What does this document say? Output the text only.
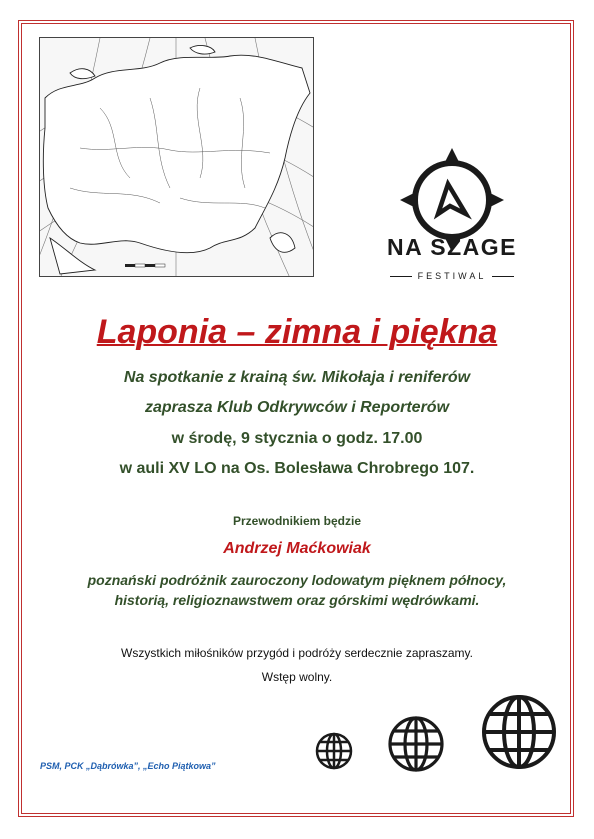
NA SZAGE
FESTIWAL
Laponia – zimna i piękna
Na spotkanie z krainą św. Mikołaja i reniferów
zaprasza Klub Odkrywców i Reporterów
w środę, 9 stycznia o godz. 17.00
w auli XV LO na Os. Bolesława Chrobrego 107.
Przewodnikiem będzie
Andrzej Maćkowiak
poznański podróżnik zauroczony lodowatym pięknem północy,
historią, religioznawstwem oraz górskimi wędrówkami.
Wszystkich miłośników przygód i podróży serdecznie zapraszamy.
Wstęp wolny.
PSM, PCK „Dąbrówka”, „Echo Piątkowa”
